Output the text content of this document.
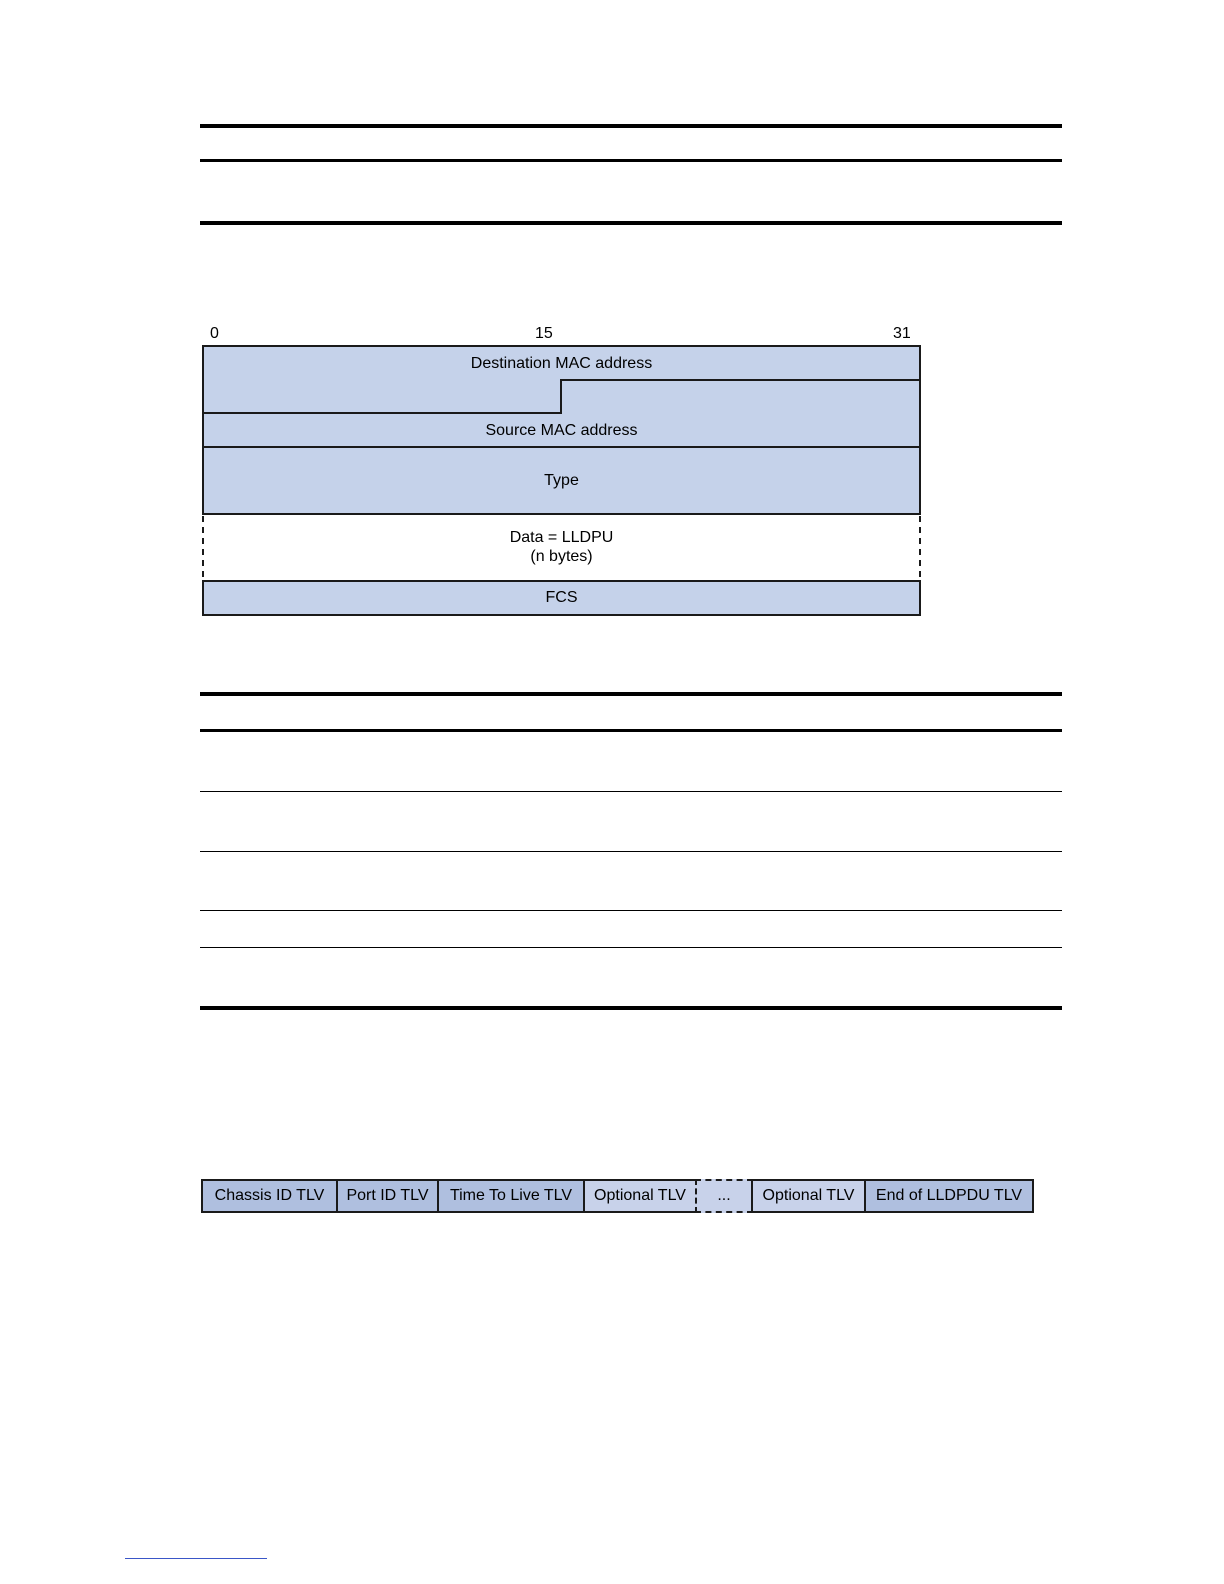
0	15	31
Destination MAC address
Source MAC address
Type
Data = LLDPU
(n bytes)
FCS
Chassis ID TLV Port ID TLV Time To Live TLV Optional TLV ... Optional TLV End of LLDPDU TLV
